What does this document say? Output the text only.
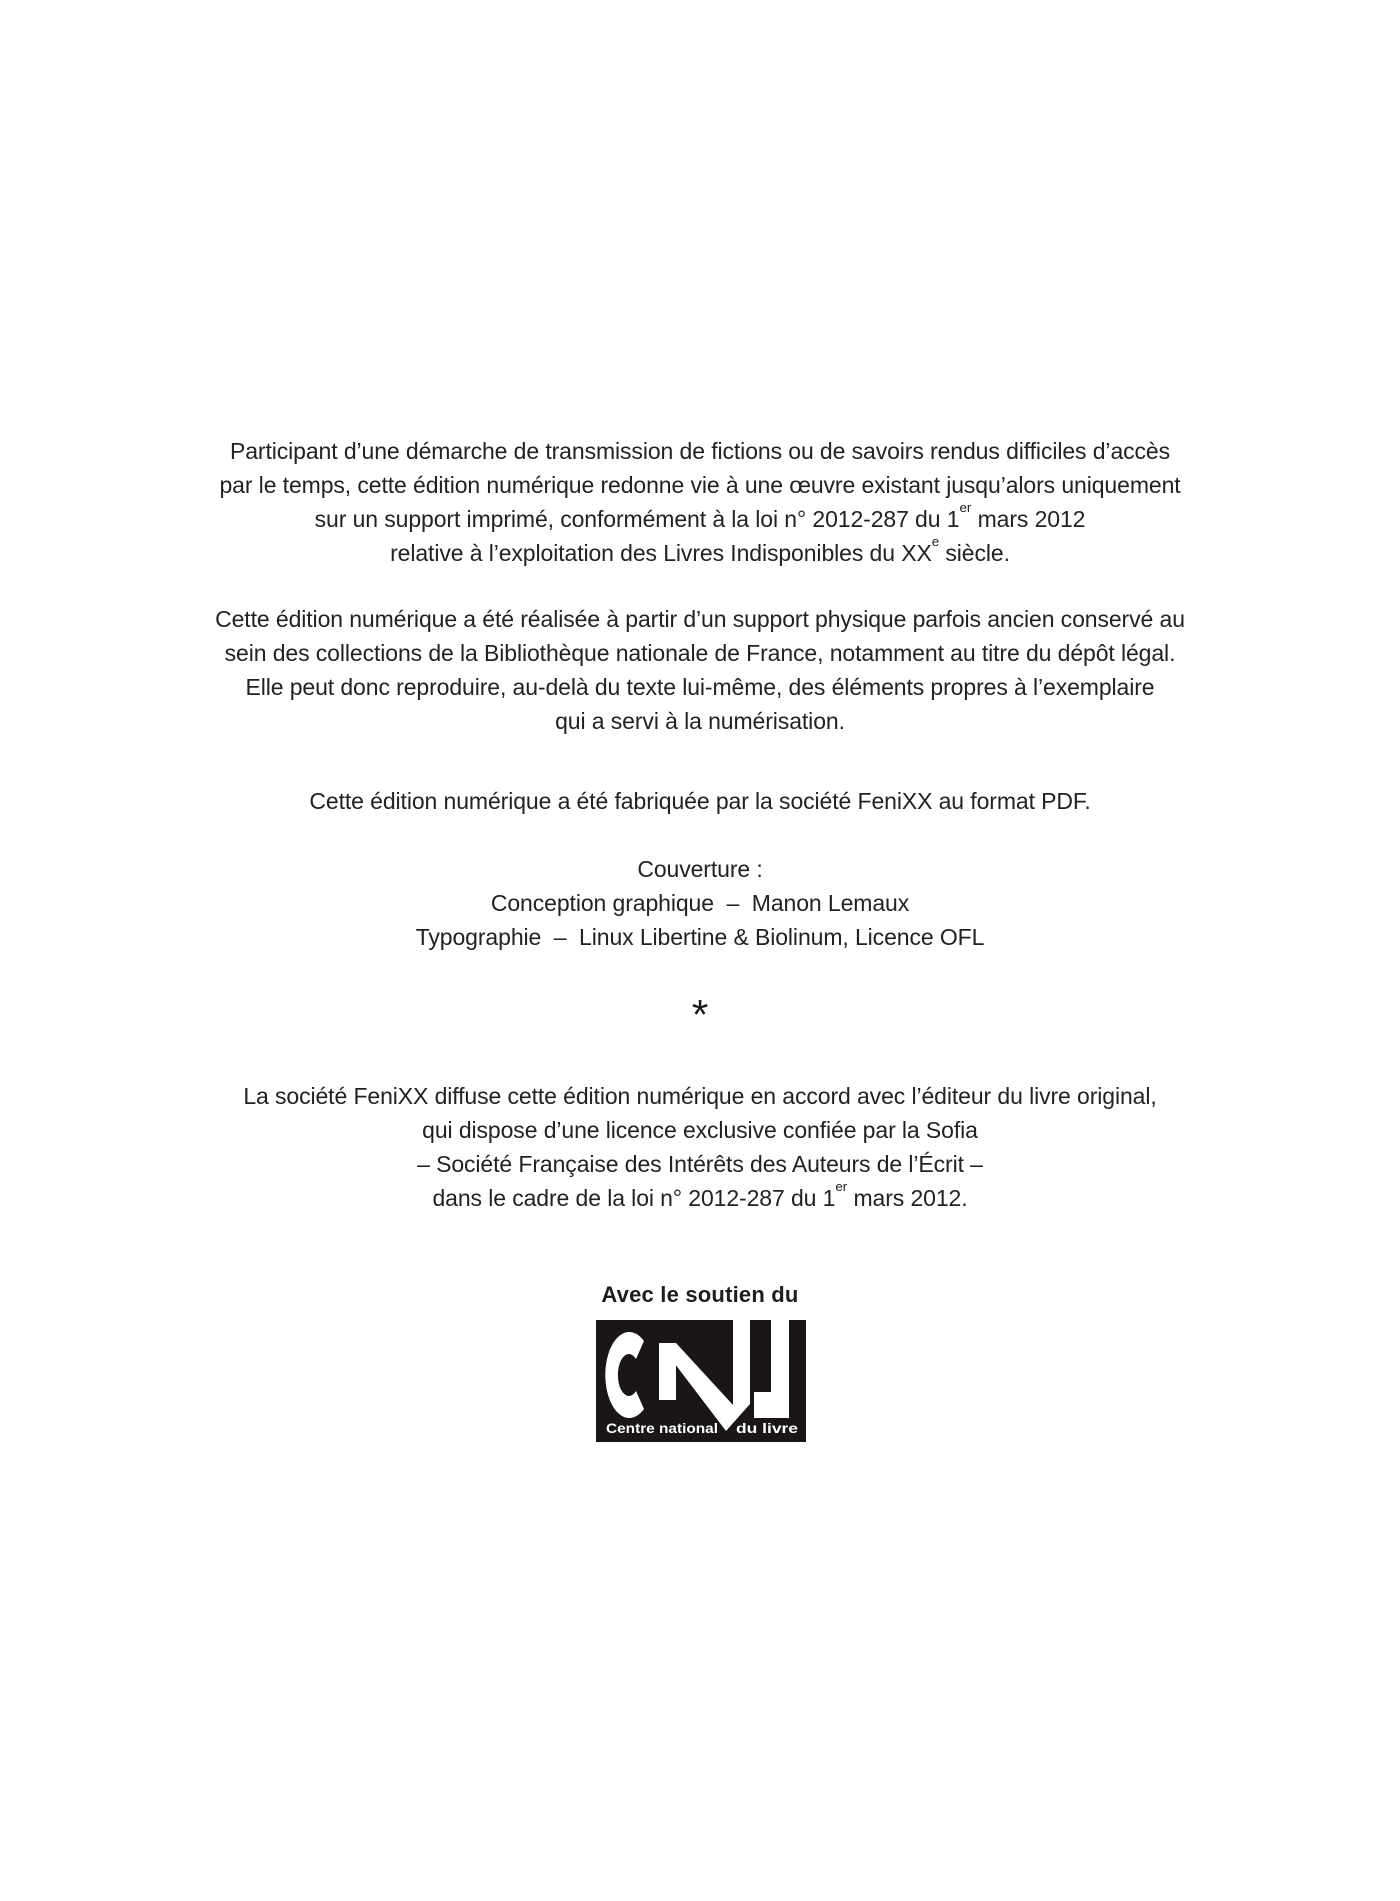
Participant d’une démarche de transmission de fictions ou de savoirs rendus difficiles d’accès
par le temps, cette édition numérique redonne vie à une œuvre existant jusqu’alors uniquement
sur un support imprimé, conformément à la loi n° 2012-287 du 1er mars 2012
relative à l’exploitation des Livres Indisponibles du XXe siècle.
Cette édition numérique a été réalisée à partir d’un support physique parfois ancien conservé au
sein des collections de la Bibliothèque nationale de France, notamment au titre du dépôt légal.
Elle peut donc reproduire, au-delà du texte lui-même, des éléments propres à l’exemplaire
qui a servi à la numérisation.
Cette édition numérique a été fabriquée par la société FeniXX au format PDF.
Couverture :
Conception graphique  –  Manon Lemaux
Typographie  –  Linux Libertine & Biolinum, Licence OFL
*
La société FeniXX diffuse cette édition numérique en accord avec l’éditeur du livre original,
qui dispose d’une licence exclusive confiée par la Sofia
– Société Française des Intérêts des Auteurs de l’Écrit –
dans le cadre de la loi n° 2012-287 du 1er mars 2012.
Avec le soutien du
Centre national du livre
